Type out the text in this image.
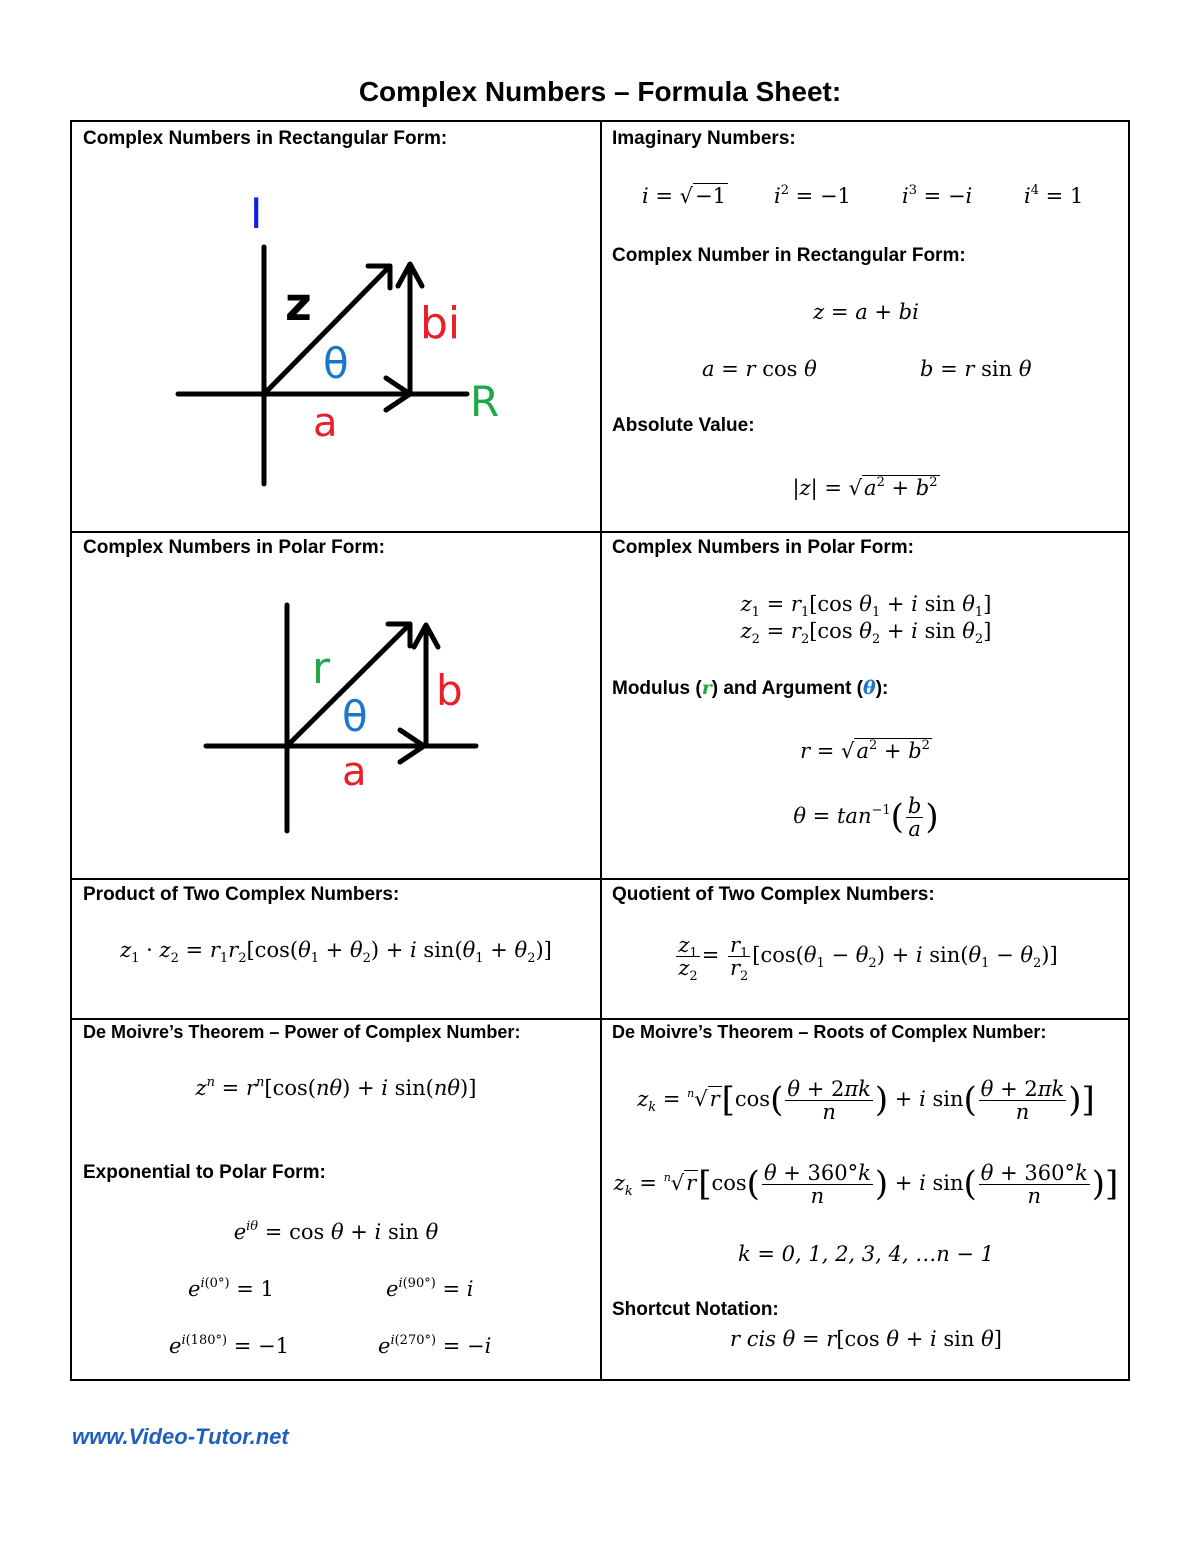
Complex Numbers – Formula Sheet:
Complex Numbers in Rectangular Form:
I
z bi
θ
a	R
Imaginary Numbers:
i = √−1 $i^2 = -1$ $i^3 = -i$ $i^4 = 1$
Complex Number in Rectangular Form:
z = a + bi
a = r cos θ	b = r sin θ
Absolute Value:
$|z| = √a^2 + b^2$
Complex Numbers in Polar Form:
r	b
θ
a
Complex Numbers in Polar Form:
$z_1 = r_1[\cos$ $\theta_1 + i$ $\sin \theta_1$]
$z_2 = r_2[\cos$ $\theta_2 + i$ $\sin \theta_2$]
Modulus (r) and Argument (θ):
$r = √a^2 + b^2$
$\theta = \tan^{-1}( \frac{b}{a}$ )
Product of Two Complex Numbers:
$z_1 \cdot z_2 = r_1r_2[\cos(\theta_1 + \theta_2) + i$ $\sin(\theta_1 + \theta_2)$]
Quotient of Two Complex Numbers:
$\frac{z_1}{z_2} = \frac{r_1}{r_2} [\cos(\theta_1 - \theta_2) + i$ $\sin(\theta_1 - \theta_2)$]
De Moivre’s Theorem – Power of Complex Number:
$z^n = r^n[\cos(n\theta) + i$ sin(nθ)]
Exponential to Polar Form:
$e^{i\theta} = \cos \theta + i$ sin θ
$e^{i(0^\circ)} = 1$	$e^{i(90^\circ)} = i$
$e^{i(180^\circ)} = -1$	$e^{i(270^\circ)} = -i$
De Moivre’s Theorem – Roots of Complex Number:
$z_k = ^n√r[\cos( \frac{\theta + 2\pi k}{n}$ ) + i $\sin( \frac{\theta + 2\pi k}{n}$ )]
$z_k = ^n√r[\cos( \frac{\theta + 360^\circ k}{n}$ ) + i $\sin( \frac{\theta + 360^\circ k}{n}$ )]
k = 0, 1, 2, 3, 4, …n − 1
Shortcut Notation:
r cis θ = r[cos θ + i sin θ]
www.Video-Tutor.net
